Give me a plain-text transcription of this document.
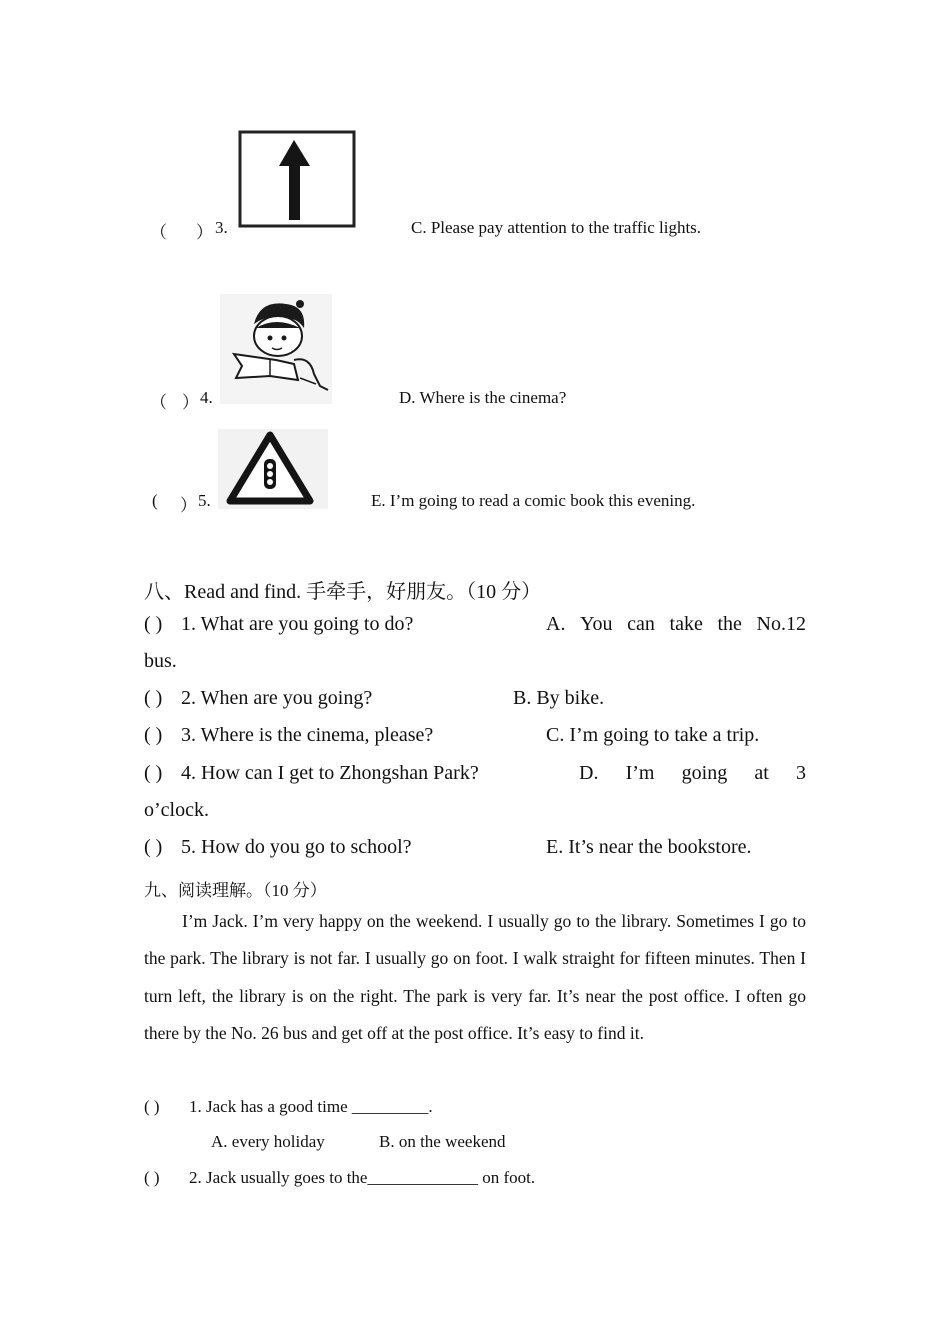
（ ） 3.	C. Please pay attention to the traffic lights.
（ ） 4.	D. Where is the cinema?
( ） 5.	E. I’m going to read a comic book this evening.
八、Read and find. 手牵手，好朋友。（10 分）
( ) 1. What are you going to do?	A. You can take the No.12
bus.
( ) 2. When are you going?	B. By bike.
( ) 3. Where is the cinema, please?	C. I’m going to take a trip.
( ) 4. How can I get to Zhongshan Park?	D. I’m going at 3
o’clock.
( ) 5. How do you go to school?	E. It’s near the bookstore.
九、阅读理解。（10 分）
I’m Jack. I’m very happy on the weekend. I usually go to the library. Sometimes I go to the park. The library is not far. I usually go on foot. I walk straight for fifteen minutes. Then I turn left, the library is on the right. The park is very far. It’s near the post office. I often go there by the No. 26 bus and get off at the post office. It’s easy to find it.
( ) 1. Jack has a good time _________.
A. every holiday	B. on the weekend
( ) 2. Jack usually goes to the_____________ on foot.
